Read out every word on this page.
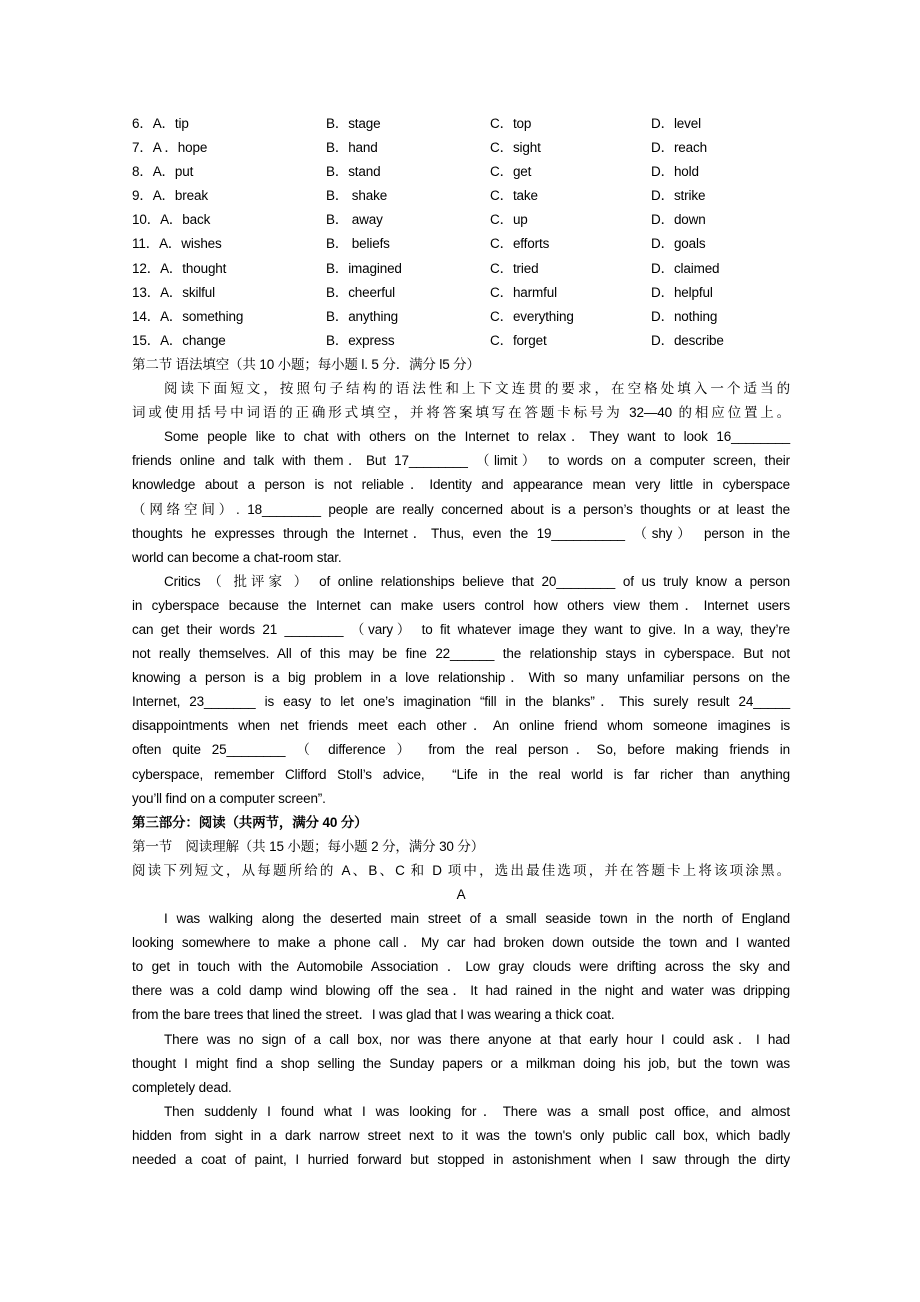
6．A．tip	B．stage	C．top	D．level
7．A ．hope	B．hand	C．sight	D．reach
8．A．put	B．stand	C．get	D．hold
9．A．break	B． shake	C．take	D．strike
10．A．back	B． away	C．up	D．down
11．A．wishes	B． beliefs	C．efforts	D．goals
12．A．thought	B．imagined	C．tried	D．claimed
13．A．skilful	B．cheerful	C．harmful	D．helpful
14．A．something	B．anything	C．everything	D．nothing
15．A．change	B．express	C．forget	D．describe
第二节 语法填空（共 10 小题；每小题 l. 5 分．满分 l5 分）
阅读下面短文，按照句子结构的语法性和上下文连贯的要求，在空格处填入一个适当的
词或使用括号中词语的正确形式填空，并将答案填写在答题卡标号为 32—40 的相应位置上。
Some people like to chat with others on the Internet to relax．They want to look 16________
friends online and talk with them．But 17________ （limit） to words on a computer screen, their
knowledge about a person is not reliable．Identity and appearance mean very little in cyberspace
（网络空间）. 18________ people are really concerned about is a person’s thoughts or at least the
thoughts he expresses through the Internet．Thus, even the 19__________ （shy） person in the
world can become a chat-room star.
Critics （ 批评家 ） of online relationships believe that 20________ of us truly know a person
in cyberspace because the Internet can make users control how others view them．Internet users
can get their words 21 ________ （vary） to fit whatever image they want to give. In a way, they’re
not really themselves. All of this may be fine 22______ the relationship stays in cyberspace. But not
knowing a person is a big problem in a love relationship．With so many unfamiliar persons on the
Internet, 23_______ is easy to let one’s imagination “fill in the blanks”．This surely result 24_____
disappointments when net friends meet each other．An online friend whom someone imagines is
often quite 25________ （ difference ） from the real person．So, before making friends in
cyberspace, remember Clifford Stoll’s advice,　“Life in the real world is far richer than anything
you’ll find on a computer screen”.
第三部分：阅读（共两节，满分 40 分）
第一节　阅读理解（共 15 小题；每小题 2 分，满分 30 分）
阅读下列短文，从每题所给的 A、B、C 和 D 项中，选出最佳选项，并在答题卡上将该项涂黑。
A
I was walking along the deserted main street of a small seaside town in the north of England
looking somewhere to make a phone call．My car had broken down outside the town and I wanted
to get in touch with the Automobile Association ．Low gray clouds were drifting across the sky and
there was a cold damp wind blowing off the sea．It had rained in the night and water was dripping
from the bare trees that lined the street．I was glad that I was wearing a thick coat.
There was no sign of a call box, nor was there anyone at that early hour I could ask．I had
thought I might find a shop selling the Sunday papers or a milkman doing his job, but the town was
completely dead.
Then suddenly I found what I was looking for．There was a small post office, and almost
hidden from sight in a dark narrow street next to it was the town's only public call box, which badly
needed a coat of paint, I hurried forward but stopped in astonishment when I saw through the dirty
